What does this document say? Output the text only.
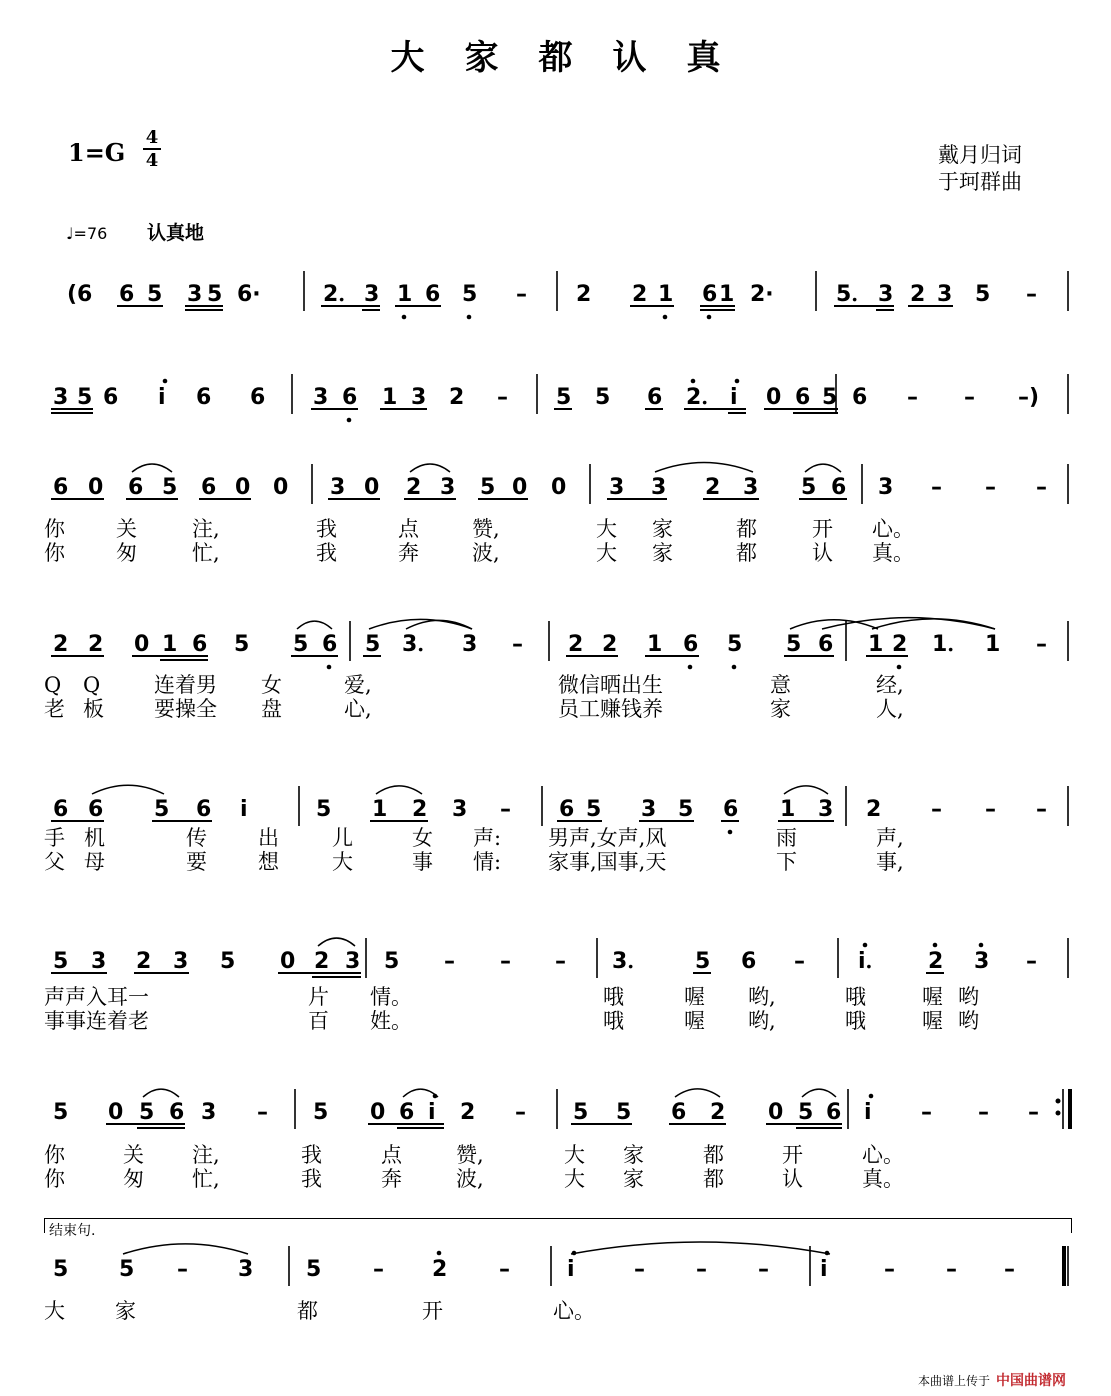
大家都认真
1=G
4
4	戴月归词
于珂群曲
♩=76 认真地
(6 6 5 3 5 6·	2． 3 1 6 5 – 2 2 1 6 1 2·	5． 3 2 3 5 –
3 5 6 i 6 6 3 6 1 3 2 – 5 5 6 2． i 0 6 5 6 – – –)
6 0 6 5 6 0 0 3 0 2 3 5 0 0 3 3 2 3 5 6 3 – – –
你 关	注,	我	点	赞,	大 家	都	开 心。
你 匆	忙,	我	奔	波,	大 家	都	认 真。
2 2 0 1 6 5 5 6 5 3． 3 – 2 2 1 6 5 5 6 1 2 1． 1 –
Q Q	连着男 女	爱,	微信晒出生	意	经,
老 板 要操全 盘	心,	员工赚钱养	家	人,
6 6 5 6 i	5 1 2 3 – 6 5 3 5 6 1 3 2 – – –
手 机	传 出	儿	女 声: 男声,女声,风	雨	声,
父 母	要 想	大	事 情: 家事,国事,天	下	事,
5 3 2 3 5 0 2 3 5 – – – 3． 5 6 – i． 2 3 –
声声入耳一	片 情。	哦	喔 哟,	哦	喔 哟
事事连着老	百 姓。	哦	喔 哟,	哦	喔 哟
5 0 5 6 3 – 5 0 6 i 2 – 5 5 6 2 0 5 6 i – – –
你	关 注,	我	点	赞,	大 家	都	开	心。
你	匆 忙,	我	奔	波,	大 家	都	认	真。
5 5 – 3 5 – 2 –	i	– – – i	– – –
大 家	都	开	心。
结束句.
本曲谱上传于 中国曲谱网
